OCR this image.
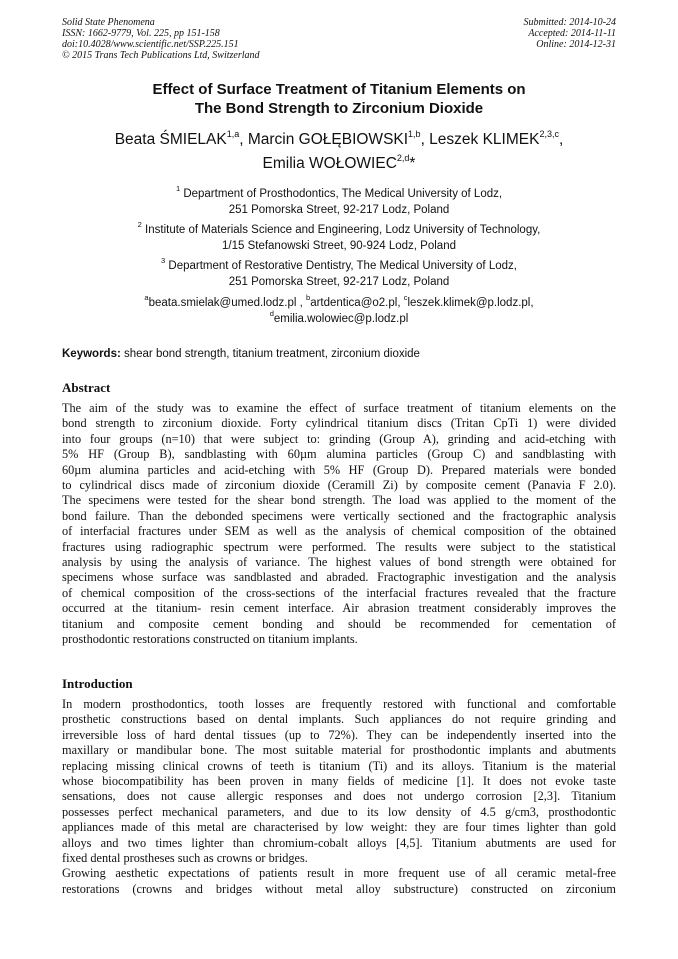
Solid State Phenomena
ISSN: 1662-9779, Vol. 225, pp 151-158
doi:10.4028/www.scientific.net/SSP.225.151
© 2015 Trans Tech Publications Ltd, Switzerland
Submitted: 2014-10-24
Accepted: 2014-11-11
Online: 2014-12-31
Effect of Surface Treatment of Titanium Elements on
The Bond Strength to Zirconium Dioxide
Beata ŚMIELAK$^{1,a}$, Marcin GOŁĘBIOWSKI$^{1,b}$, Leszek KLIMEK$^{2,3,c}$,
Emilia WOŁOWIEC$^{2,d}$*
$^1$ Department of Prosthodontics, The Medical University of Lodz,
251 Pomorska Street, 92-217 Lodz, Poland
$^2$ Institute of Materials Science and Engineering, Lodz University of Technology,
1/15 Stefanowski Street, 90-924 Lodz, Poland
$^3$ Department of Restorative Dentistry, The Medical University of Lodz,
251 Pomorska Street, 92-217 Lodz, Poland
$^a$beata.smielak@umed.lodz.pl , $^b$artdentica@o2.pl, $^c$leszek.klimek@p.lodz.pl,
$^d$emilia.wolowiec@p.lodz.pl
Keywords: shear bond strength, titanium treatment, zirconium dioxide
Abstract
The aim of the study was to examine the effect of surface treatment of titanium elements on the
bond strength to zirconium dioxide. Forty cylindrical titanium discs (Tritan CpTi 1) were divided
into four groups (n=10) that were subject to: grinding (Group A), grinding and acid-etching with
5% HF (Group B), sandblasting with 60µm alumina particles (Group C) and sandblasting with
60µm alumina particles and acid-etching with 5% HF (Group D). Prepared materials were bonded
to cylindrical discs made of zirconium dioxide (Ceramill Zi) by composite cement (Panavia F 2.0).
The specimens were tested for the shear bond strength. The load was applied to the moment of the
bond failure. Than the debonded specimens were vertically sectioned and the fractographic analysis
of interfacial fractures under SEM as well as the analysis of chemical composition of the obtained
fractures using radiographic spectrum were performed. The results were subject to the statistical
analysis by using the analysis of variance. The highest values of bond strength were obtained for
specimens whose surface was sandblasted and abraded. Fractographic investigation and the analysis
of chemical composition of the cross-sections of the interfacial fractures revealed that the fracture
occurred at the titanium- resin cement interface. Air abrasion treatment considerably improves the
titanium and composite cement bonding and should be recommended for cementation of
prosthodontic restorations constructed on titanium implants.
Introduction
In modern prosthodontics, tooth losses are frequently restored with functional and comfortable
prosthetic constructions based on dental implants. Such appliances do not require grinding and
irreversible loss of hard dental tissues (up to 72%). They can be independently inserted into the
maxillary or mandibular bone. The most suitable material for prosthodontic implants and abutments
replacing missing clinical crowns of teeth is titanium (Ti) and its alloys. Titanium is the material
whose biocompatibility has been proven in many fields of medicine [1]. It does not evoke taste
sensations, does not cause allergic responses and does not undergo corrosion [2,3]. Titanium
possesses perfect mechanical parameters, and due to its low density of 4.5 g/cm3, prosthodontic
appliances made of this metal are characterised by low weight: they are four times lighter than gold
alloys and two times lighter than chromium-cobalt alloys [4,5]. Titanium abutments are used for
fixed dental prostheses such as crowns or bridges.
Growing aesthetic expectations of patients result in more frequent use of all ceramic metal-free
restorations (crowns and bridges without metal alloy substructure) constructed on zirconium
